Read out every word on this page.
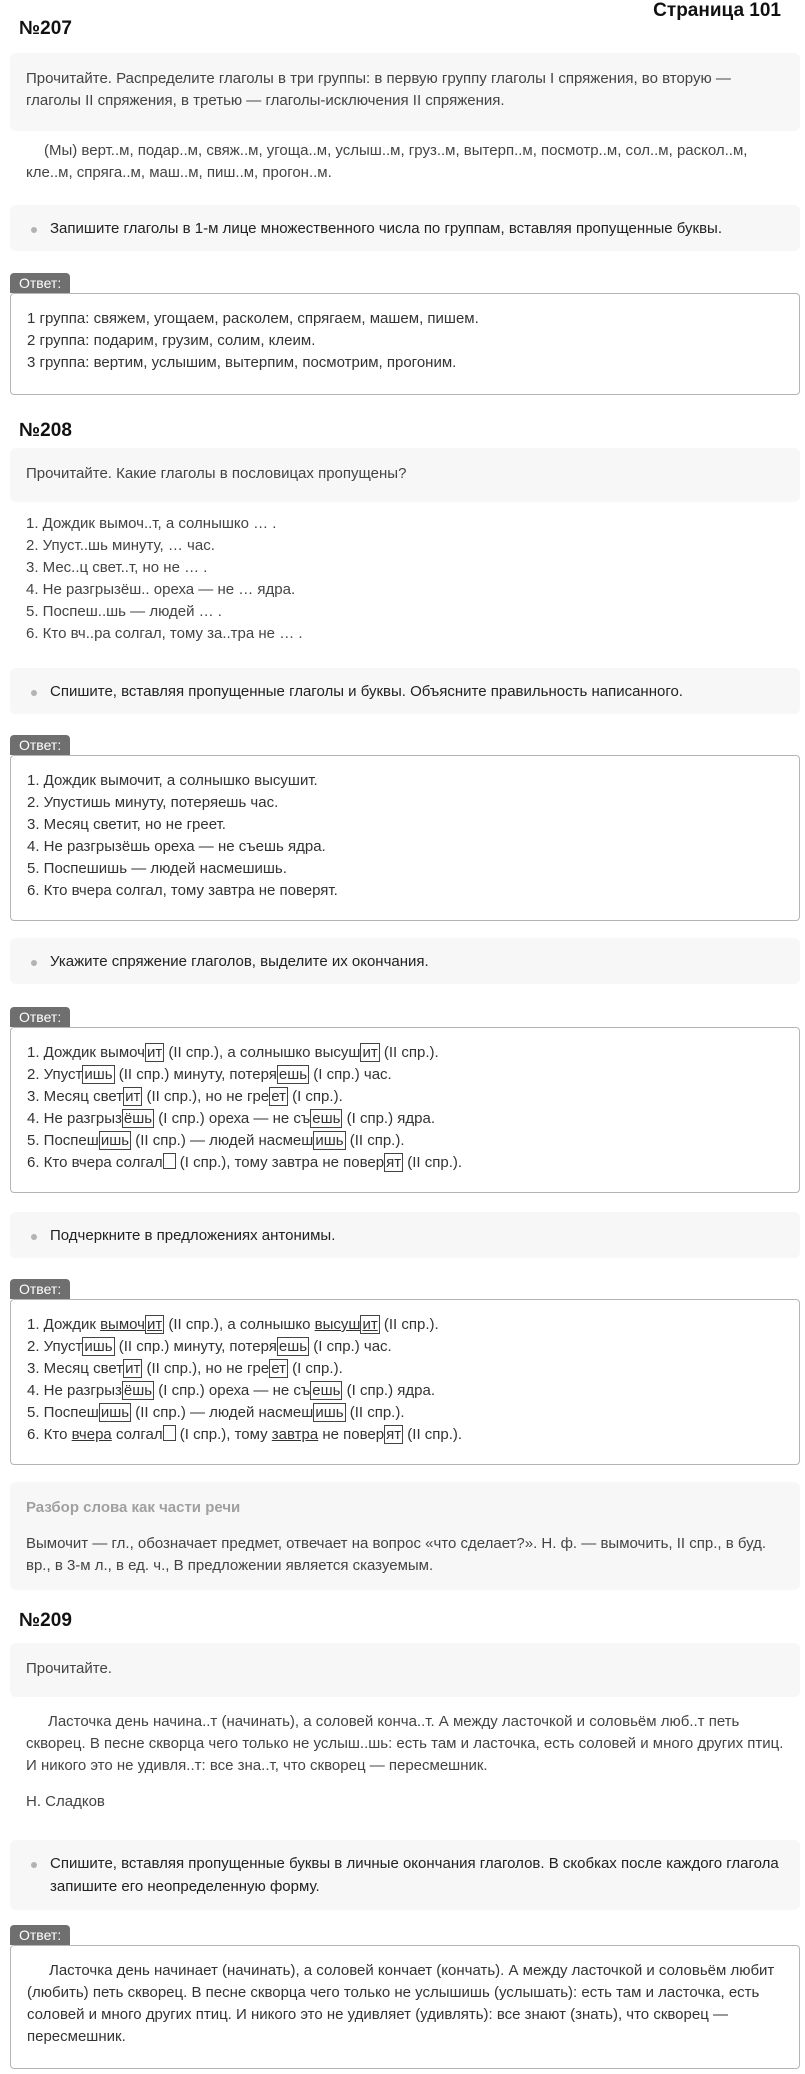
Страница 101
№207
Прочитайте. Распределите глаголы в три группы: в первую группу глаголы I спряжения, во вторую — глаголы II спряжения, в третью — глаголы-исключения II спряжения.
(Мы) верт..м, подар..м, свяж..м, угоща..м, услыш..м, груз..м, вытерп..м, посмотр..м, сол..м, раскол..м, кле..м, спряга..м, маш..м, пиш..м, прогон..м.
Запишите глаголы в 1-м лице множественного числа по группам, вставляя пропущенные буквы.
Ответ:
1 группа: свяжем, угощаем, расколем, спрягаем, машем, пишем.
2 группа: подарим, грузим, солим, клеим.
3 группа: вертим, услышим, вытерпим, посмотрим, прогоним.
№208
Прочитайте. Какие глаголы в пословицах пропущены?
1. Дождик вымоч..т, а солнышко … .
2. Упуст..шь минуту, … час.
3. Мес..ц свет..т, но не … .
4. Не разгрызёш.. ореха — не … ядра.
5. Поспеш..шь — людей … .
6. Кто вч..ра солгал, тому за..тра не … .
Спишите, вставляя пропущенные глаголы и буквы. Объясните правильность написанного.
Ответ:
1. Дождик вымочит, а солнышко высушит.
2. Упустишь минуту, потеряешь час.
3. Месяц светит, но не греет.
4. Не разгрызёшь ореха — не съешь ядра.
5. Поспешишь — людей насмешишь.
6. Кто вчера солгал, тому завтра не поверят.
Укажите спряжение глаголов, выделите их окончания.
Ответ:
1. Дождик вымоч ит (II спр.), а солнышко высуш ит (II спр.).
2. Упуст ишь (II спр.) минуту, потеря ешь (I спр.) час.
3. Месяц свет ит (II спр.), но не гре ет (I спр.).
4. Не разгрыз ёшь (I спр.) ореха — не съ ешь (I спр.) ядра.
5. Поспеш ишь (II спр.) — людей насмеш ишь (II спр.).
6. Кто вчера солгал (I спр.), тому завтра не повер ят (II спр.).
Подчеркните в предложениях антонимы.
Ответ:
1. Дождик вымоч ит (II спр.), а солнышко высуш ит (II спр.).
2. Упуст ишь (II спр.) минуту, потеря ешь (I спр.) час.
3. Месяц свет ит (II спр.), но не гре ет (I спр.).
4. Не разгрыз ёшь (I спр.) ореха — не съ ешь (I спр.) ядра.
5. Поспеш ишь (II спр.) — людей насмеш ишь (II спр.).
6. Кто вчера солгал (I спр.), тому завтра не повер ят (II спр.).
Разбор слова как части речи
Вымочит — гл., обозначает предмет, отвечает на вопрос «что сделает?». Н. ф. — вымочить, II спр., в буд. вр., в 3-м л., в ед. ч., В предложении является сказуемым.
№209
Прочитайте.
Ласточка день начина..т (начинать), а соловей конча..т. А между ласточкой и соловьём люб..т петь скворец. В песне скворца чего только не услыш..шь: есть там и ласточка, есть соловей и много других птиц. И никого это не удивля..т: все зна..т, что скворец — пересмешник.
Н. Сладков
Спишите, вставляя пропущенные буквы в личные окончания глаголов. В скобках после каждого глагола запишите его неопределенную форму.
Ответ:
Ласточка день начинает (начинать), а соловей кончает (кончать). А между ласточкой и соловьём любит (любить) петь скворец. В песне скворца чего только не услышишь (услышать): есть там и ласточка, есть соловей и много других птиц. И никого это не удивляет (удивлять): все знают (знать), что скворец — пересмешник.
